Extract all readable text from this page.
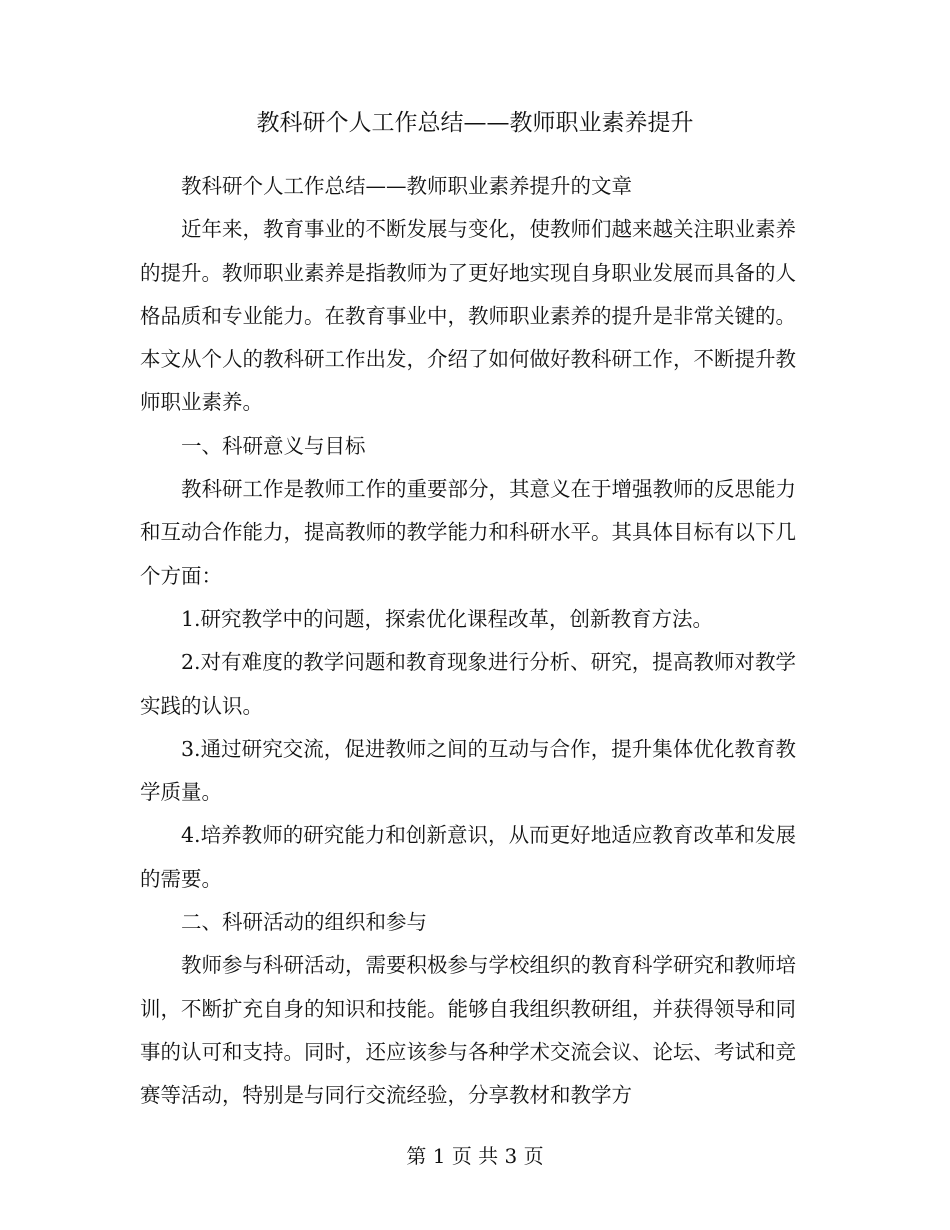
教科研个人工作总结——教师职业素养提升

教科研个人工作总结——教师职业素养提升的文章

近年来，教育事业的不断发展与变化，使教师们越来越关注职业素养的提升。教师职业素养是指教师为了更好地实现自身职业发展而具备的人格品质和专业能力。在教育事业中，教师职业素养的提升是非常关键的。本文从个人的教科研工作出发，介绍了如何做好教科研工作，不断提升教师职业素养。

一、科研意义与目标

教科研工作是教师工作的重要部分，其意义在于增强教师的反思能力和互动合作能力，提高教师的教学能力和科研水平。其具体目标有以下几个方面：

1.研究教学中的问题，探索优化课程改革，创新教育方法。

2.对有难度的教学问题和教育现象进行分析、研究，提高教师对教学实践的认识。

3.通过研究交流，促进教师之间的互动与合作，提升集体优化教育教学质量。

4.培养教师的研究能力和创新意识，从而更好地适应教育改革和发展的需要。

二、科研活动的组织和参与

教师参与科研活动，需要积极参与学校组织的教育科学研究和教师培训，不断扩充自身的知识和技能。能够自我组织教研组，并获得领导和同事的认可和支持。同时，还应该参与各种学术交流会议、论坛、考试和竞赛等活动，特别是与同行交流经验，分享教材和教学方

第 1 页 共 3 页
